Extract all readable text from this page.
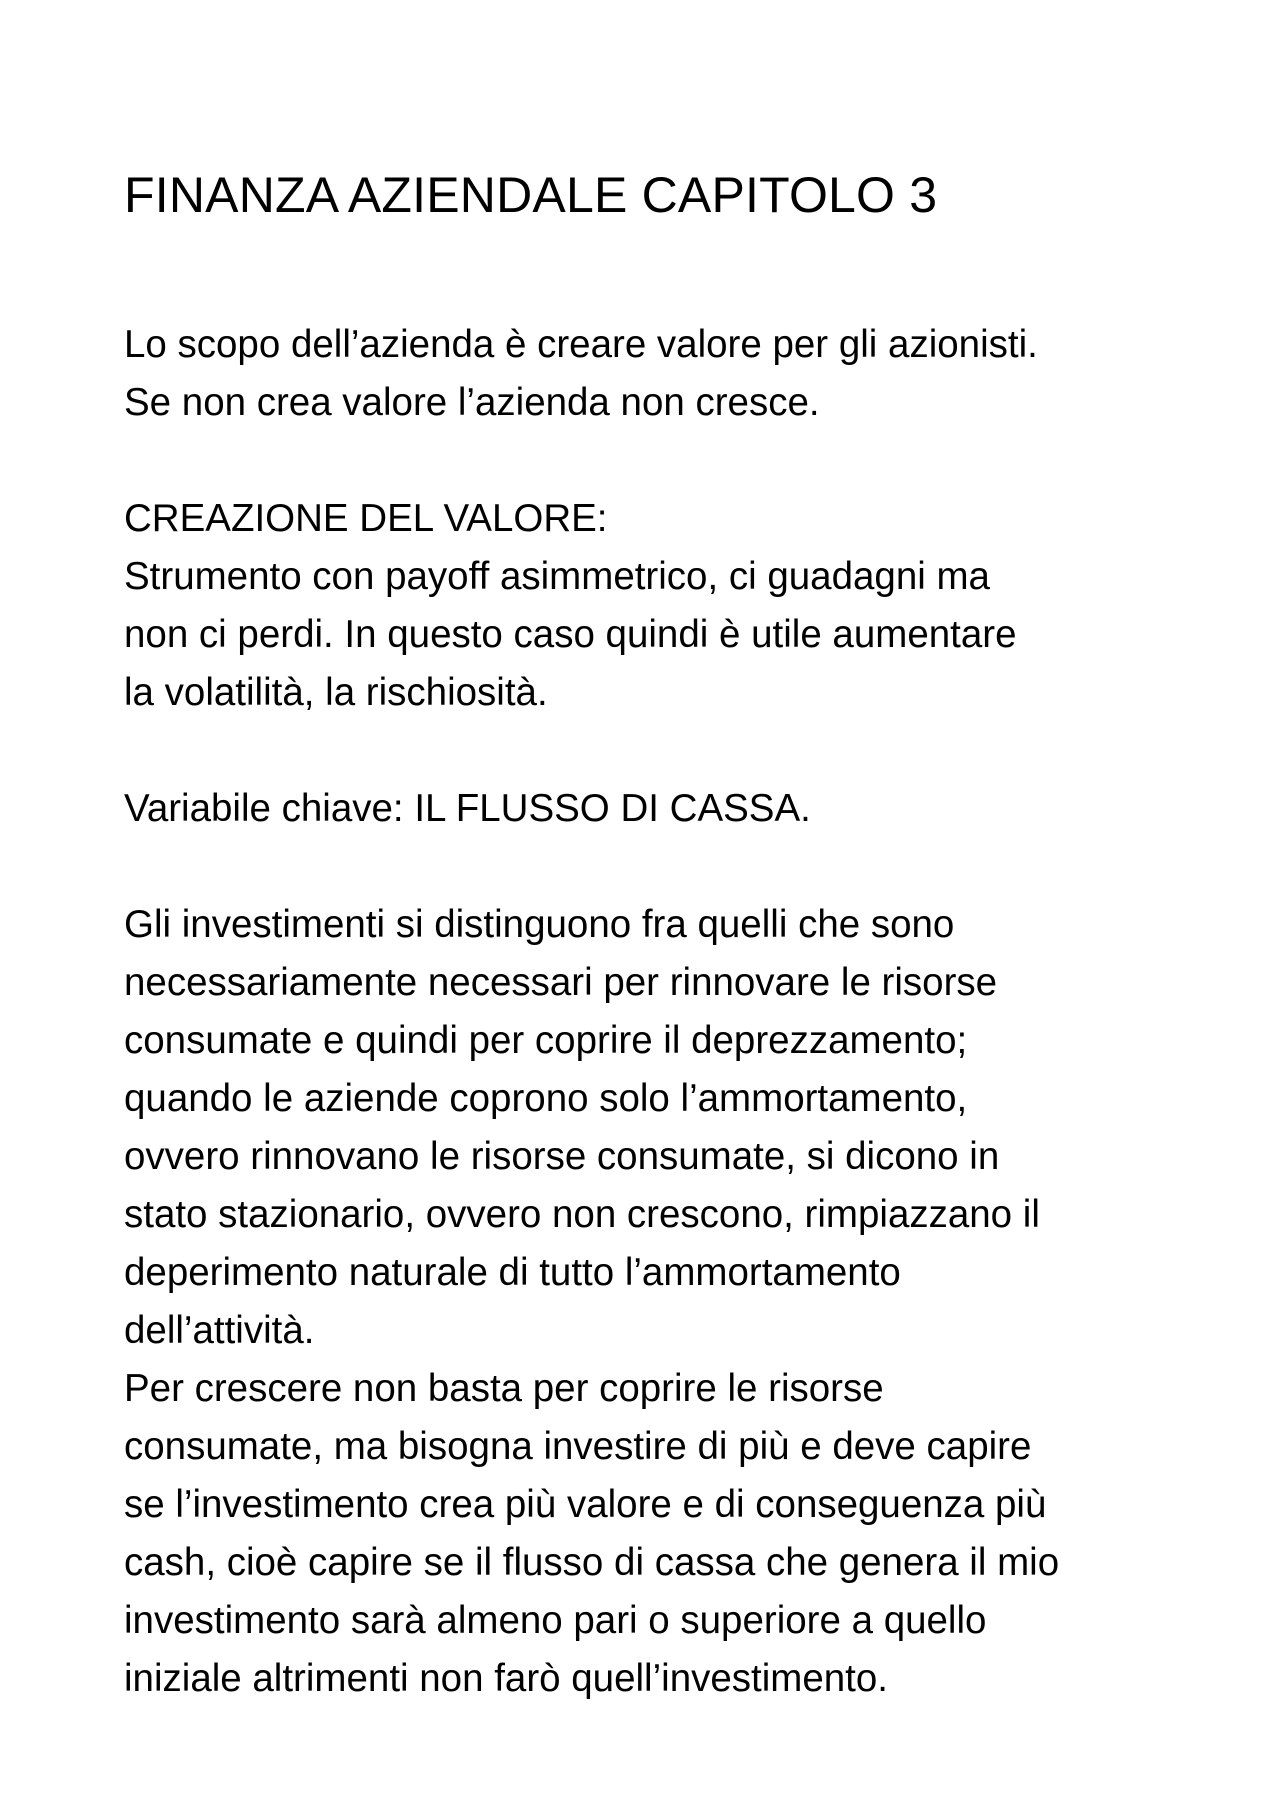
FINANZA AZIENDALE CAPITOLO 3

Lo scopo dell’azienda è creare valore per gli azionisti.

Se non crea valore l’azienda non cresce.

CREAZIONE DEL VALORE:

Strumento con payoff asimmetrico, ci guadagni ma

non ci perdi. In questo caso quindi è utile aumentare

la volatilità, la rischiosità.

Variabile chiave: IL FLUSSO DI CASSA.

Gli investimenti si distinguono fra quelli che sono

necessariamente necessari per rinnovare le risorse

consumate e quindi per coprire il deprezzamento;

quando le aziende coprono solo l’ammortamento,

ovvero rinnovano le risorse consumate, si dicono in

stato stazionario, ovvero non crescono, rimpiazzano il

deperimento naturale di tutto l’ammortamento

dell’attività.

Per crescere non basta per coprire le risorse

consumate, ma bisogna investire di più e deve capire

se l’investimento crea più valore e di conseguenza più

cash, cioè capire se il flusso di cassa che genera il mio

investimento sarà almeno pari o superiore a quello

iniziale altrimenti non farò quell’investimento.
